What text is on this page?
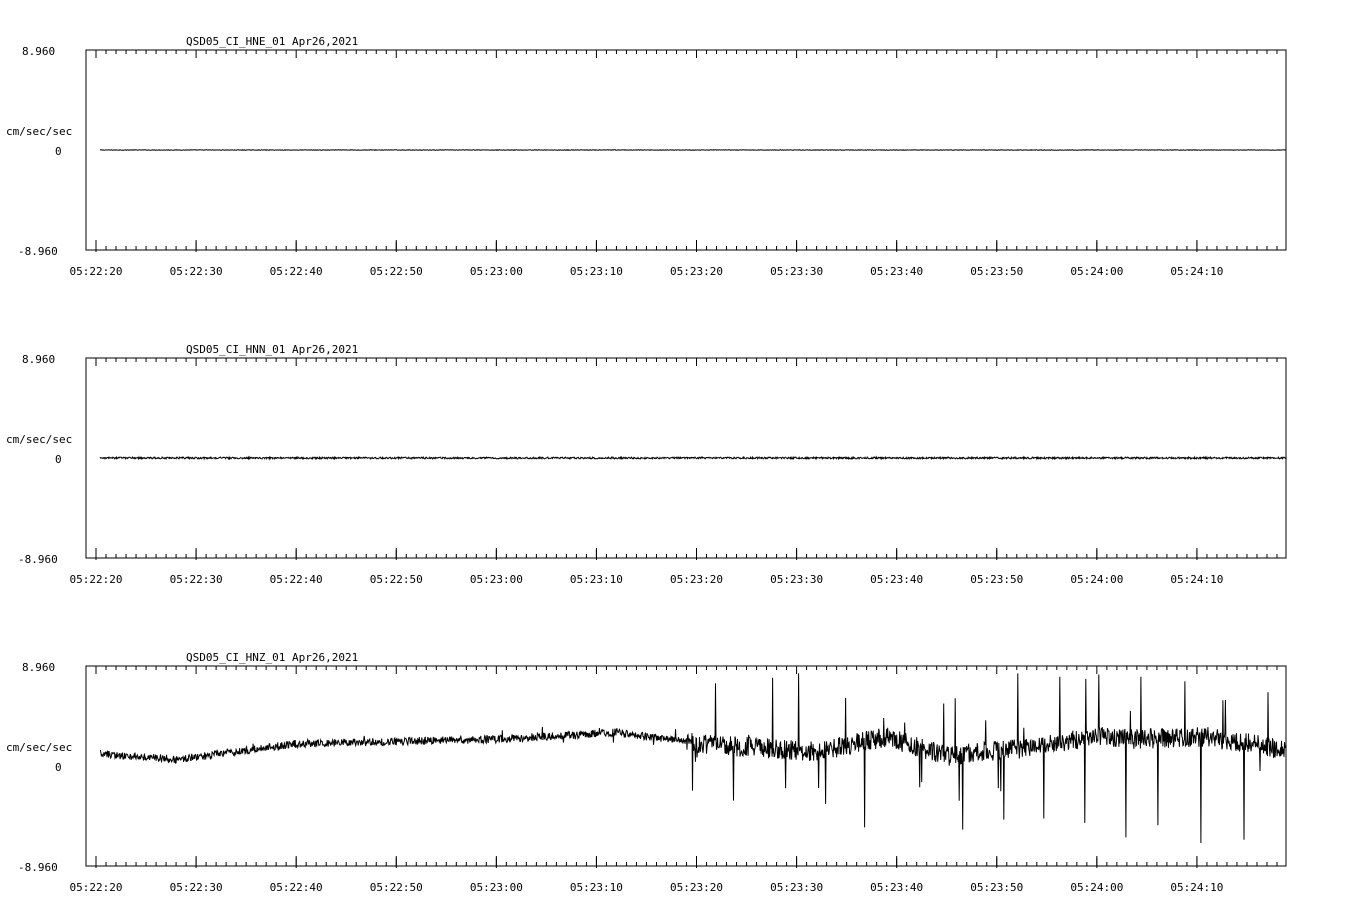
QSD05_CI_HNE_01 Apr26,2021
cm/sec/sec
8.960
0
-8.960
05:22:20	05:22:30	05:22:40	05:22:50	05:23:00	05:23:10	05:23:20	05:23:30	05:23:40	05:23:50	05:24:00	05:24:10
QSD05_CI_HNN_01 Apr26,2021
cm/sec/sec
8.960
0
-8.960
05:22:20	05:22:30	05:22:40	05:22:50	05:23:00	05:23:10	05:23:20	05:23:30	05:23:40	05:23:50	05:24:00	05:24:10
QSD05_CI_HNZ_01 Apr26,2021
cm/sec/sec
8.960
0
-8.960
05:22:20	05:22:30	05:22:40	05:22:50	05:23:00	05:23:10	05:23:20	05:23:30	05:23:40	05:23:50	05:24:00	05:24:10
